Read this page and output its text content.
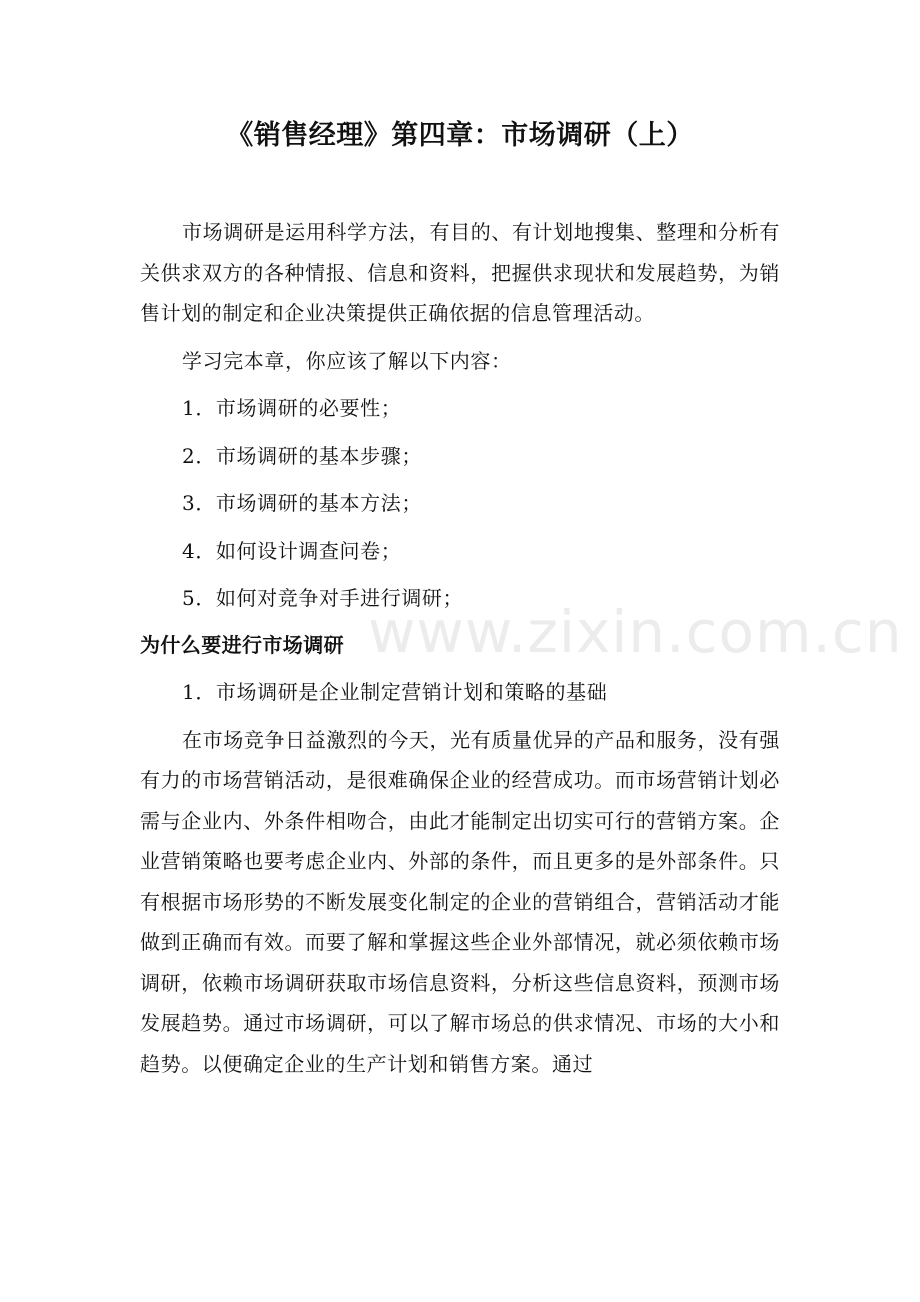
《销售经理》第四章：市场调研（上）

市场调研是运用科学方法，有目的、有计划地搜集、整理和分析有关供求双方的各种情报、信息和资料，把握供求现状和发展趋势，为销售计划的制定和企业决策提供正确依据的信息管理活动。

学习完本章，你应该了解以下内容：
1．市场调研的必要性；
2．市场调研的基本步骤；
3．市场调研的基本方法；
4．如何设计调查问卷；
5．如何对竞争对手进行调研；
为什么要进行市场调研
1．市场调研是企业制定营销计划和策略的基础

在市场竞争日益激烈的今天，光有质量优异的产品和服务，没有强有力的市场营销活动，是很难确保企业的经营成功。而市场营销计划必需与企业内、外条件相吻合，由此才能制定出切实可行的营销方案。企业营销策略也要考虑企业内、外部的条件，而且更多的是外部条件。只有根据市场形势的不断发展变化制定的企业的营销组合，营销活动才能做到正确而有效。而要了解和掌握这些企业外部情况，就必须依赖市场调研，依赖市场调研获取市场信息资料，分析这些信息资料，预测市场发展趋势。通过市场调研，可以了解市场总的供求情况、市场的大小和趋势。以便确定企业的生产计划和销售方案。通过

www.zixin.com.cn
